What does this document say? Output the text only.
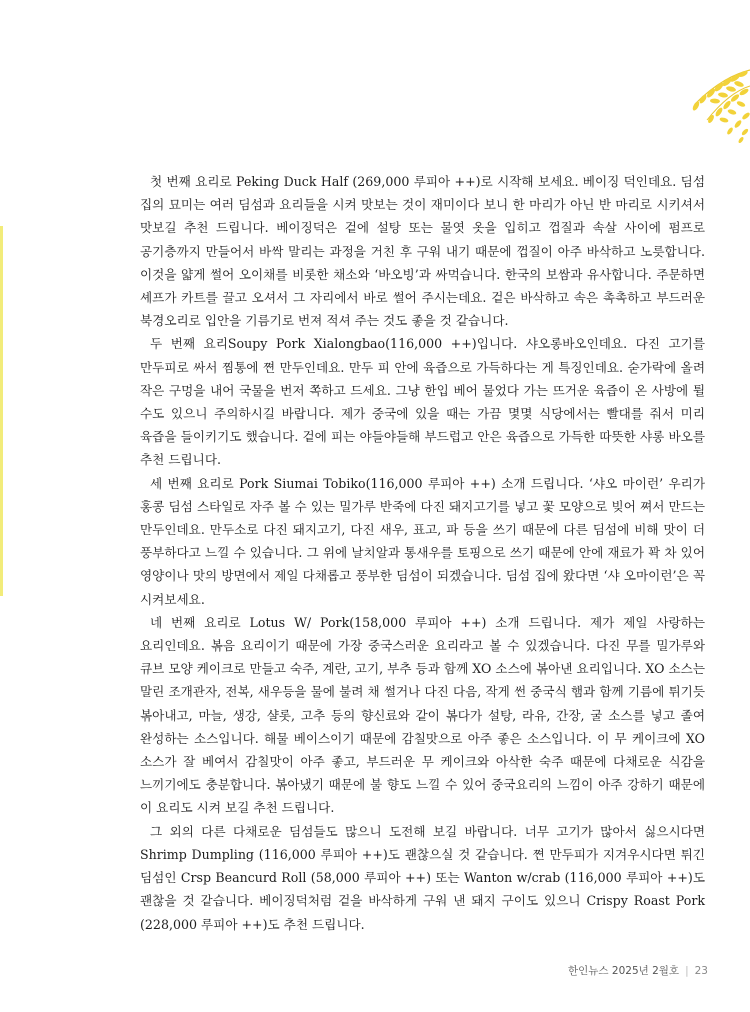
첫 번째 요리로 Peking Duck Half (269,000 루피아 ++)로 시작해 보세요. 베이징 덕인데요. 딤섬 집의 묘미는 여러 딤섬과 요리들을 시켜 맛보는 것이 재미이다 보니 한 마리가 아닌 반 마리로 시키셔서 맛보길 추천 드립니다. 베이징덕은 겉에 설탕 또는 물엿 옷을 입히고 껍질과 속살 사이에 펌프로 공기층까지 만들어서 바싹 말리는 과정을 거친 후 구워 내기 때문에 껍질이 아주 바삭하고 노릇합니다. 이것을 얇게 썰어 오이채를 비롯한 채소와 ‘바오빙’과 싸먹습니다. 한국의 보쌈과 유사합니다. 주문하면 셰프가 카트를 끌고 오셔서 그 자리에서 바로 썰어 주시는데요. 겉은 바삭하고 속은 촉촉하고 부드러운 북경오리로 입안을 기름기로 번져 적셔 주는 것도 좋을 것 같습니다.

두 번째 요리Soupy Pork Xialongbao(116,000 ++)입니다. 샤오롱바오인데요. 다진 고기를 만두피로 싸서 찜통에 쪈 만두인데요. 만두 피 안에 육즙으로 가득하다는 게 특징인데요. 숟가락에 올려 작은 구멍을 내어 국물을 번저 쪽하고 드세요. 그냥 한입 베어 물었다 가는 뜨거운 육즙이 온 사방에 튈 수도 있으니 주의하시길 바랍니다. 제가 중국에 있을 때는 가끔 몇몇 식당에서는 빨대를 줘서 미리 육즙을 들이키기도 했습니다. 겉에 피는 야들야들해 부드럽고 안은 육즙으로 가득한 따뜻한 샤롱 바오를 추천 드립니다.

세 번째 요리로 Pork Siumai Tobiko(116,000 루피아 ++) 소개 드립니다. ‘샤오 마이런’ 우리가 홍콩 딤섬 스타일로 자주 볼 수 있는 밀가루 반죽에 다진 돼지고기를 넣고 꽃 모양으로 빚어 쪄서 만드는 만두인데요. 만두소로 다진 돼지고기, 다진 새우, 표고, 파 등을 쓰기 때문에 다른 딤섬에 비해 맛이 더 풍부하다고 느낄 수 있습니다. 그 위에 날치알과 통새우를 토핑으로 쓰기 때문에 안에 재료가 꽉 차 있어 영양이나 맛의 방면에서 제일 다채롭고 풍부한 딤섬이 되겠습니다. 딤섬 집에 왔다면 ‘샤 오마이런’은 꼭 시켜보세요.

네 번째 요리로 Lotus W/ Pork(158,000 루피아 ++) 소개 드립니다. 제가 제일 사랑하는 요리인데요. 볶음 요리이기 때문에 가장 중국스러운 요리라고 볼 수 있겠습니다. 다진 무를 밀가루와 큐브 모양 케이크로 만들고 숙주, 계란, 고기, 부추 등과 함께 XO 소스에 볶아낸 요리입니다. XO 소스는 말린 조개관자, 전복, 새우등을 물에 불려 채 썰거나 다진 다음, 작게 썬 중국식 햄과 함께 기름에 튀기듯 볶아내고, 마늘, 생강, 샬롯, 고추 등의 향신료와 같이 볶다가 설탕, 라유, 간장, 굴 소스를 넣고 졸여 완성하는 소스입니다. 해물 베이스이기 때문에 감칠맛으로 아주 좋은 소스입니다. 이 무 케이크에 XO 소스가 잘 베여서 감칠맛이 아주 좋고, 부드러운 무 케이크와 아삭한 숙주 때문에 다채로운 식감을 느끼기에도 충분합니다. 볶아냈기 때문에 불 향도 느낄 수 있어 중국요리의 느낌이 아주 강하기 때문에 이 요리도 시켜 보길 추천 드립니다.

그 외의 다른 다채로운 딤섬들도 많으니 도전해 보길 바랍니다. 너무 고기가 많아서 싫으시다면 Shrimp Dumpling (116,000 루피아 ++)도 괜찮으실 것 같습니다. 쪈 만두피가 지겨우시다면 튀긴 딤섬인 Crsp Beancurd Roll (58,000 루피아 ++) 또는 Wanton w/crab (116,000 루피아 ++)도 괜찮을 것 같습니다. 베이징덕처럼 겉을 바삭하게 구워 낸 돼지 구이도 있으니 Crispy Roast Pork (228,000 루피아 ++)도 추천 드립니다.

한인뉴스 2025년 2월호 | 23
